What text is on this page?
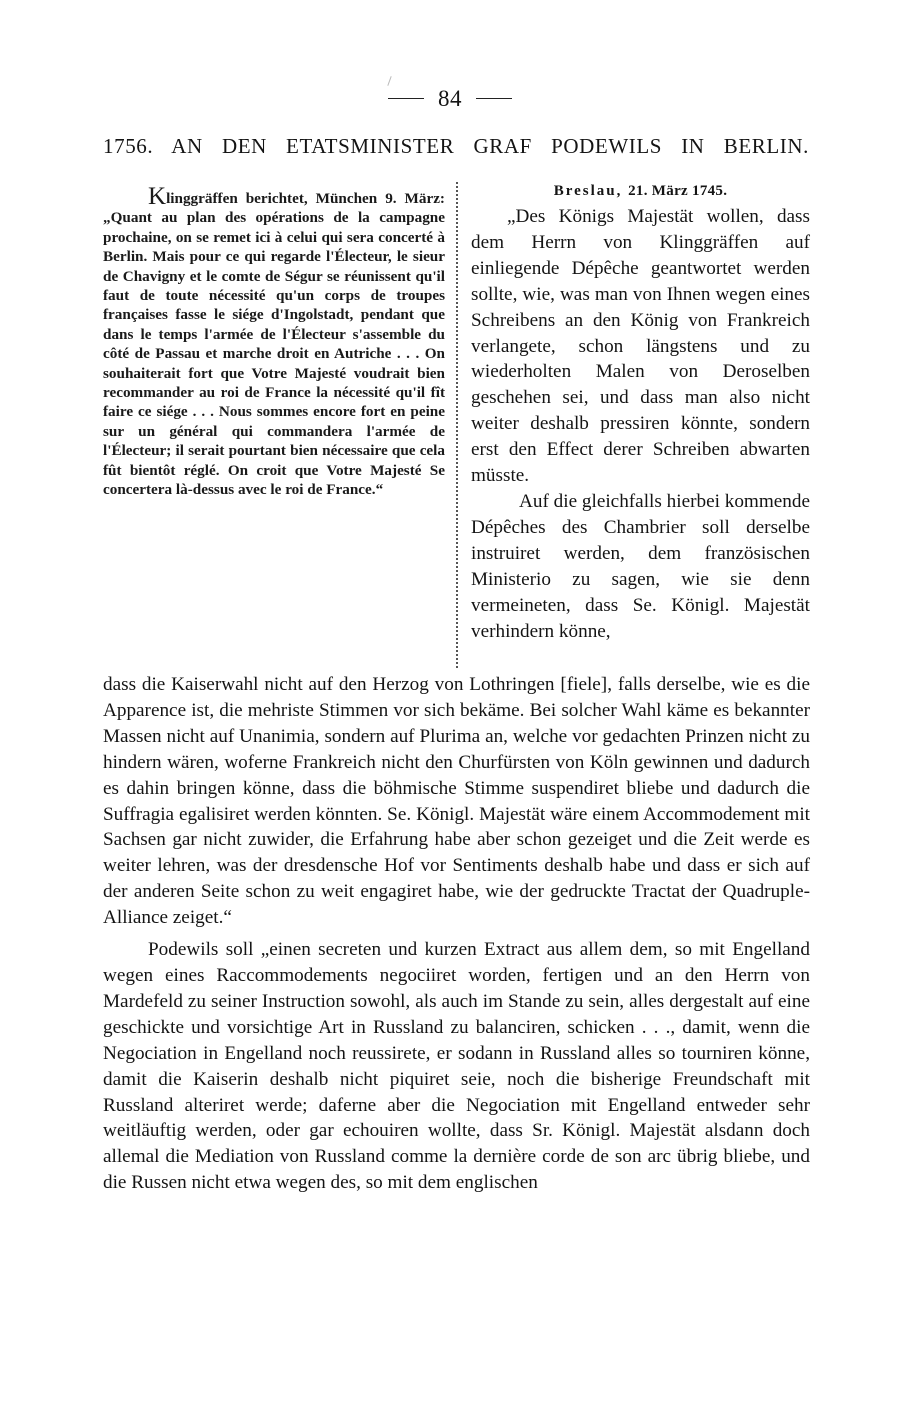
84
1756. AN DEN ETATSMINISTER GRAF PODEWILS IN BERLIN.
Klinggräffen berichtet, München 9. März: „Quant au plan des opérations de la campagne prochaine, on se remet ici à celui qui sera concerté à Berlin. Mais pour ce qui regarde l'Électeur, le sieur de Chavigny et le comte de Ségur se réunissent qu'il faut de toute nécessité qu'un corps de troupes françaises fasse le siége d'Ingolstadt, pendant que dans le temps l'armée de l'Électeur s'assemble du côté de Passau et marche droit en Autriche . . . On souhaiterait fort que Votre Majesté voudrait bien recommander au roi de France la nécessité qu'il fît faire ce siége . . . Nous sommes encore fort en peine sur un général qui commandera l'armée de l'Électeur; il serait pourtant bien nécessaire que cela fût bientôt réglé. On croit que Votre Majesté Se concertera là-dessus avec le roi de France.“
Breslau, 21. März 1745.

„Des Königs Majestät wollen, dass dem Herrn von Klinggräffen auf einliegende Dépêche geantwortet werden sollte, wie, was man von Ihnen wegen eines Schreibens an den König von Frankreich verlangete, schon längstens und zu wiederholten Malen von Deroselben geschehen sei, und dass man also nicht weiter deshalb pressiren könnte, sondern erst den Effect derer Schreiben abwarten müsste.

Auf die gleichfalls hierbei kommende Dépêches des Chambrier soll derselbe instruiret werden, dem französischen Ministerio zu sagen, wie sie denn vermeineten, dass Se. Königl. Majestät verhindern könne,

dass die Kaiserwahl nicht auf den Herzog von Lothringen [fiele], falls derselbe, wie es die Apparence ist, die mehriste Stimmen vor sich bekäme. Bei solcher Wahl käme es bekannter Massen nicht auf Unanimia, sondern auf Plurima an, welche vor gedachten Prinzen nicht zu hindern wären, woferne Frankreich nicht den Churfürsten von Köln gewinnen und dadurch es dahin bringen könne, dass die böhmische Stimme suspendiret bliebe und dadurch die Suffragia egalisiret werden könnten. Se. Königl. Majestät wäre einem Accommodement mit Sachsen gar nicht zuwider, die Erfahrung habe aber schon gezeiget und die Zeit werde es weiter lehren, was der dresdensche Hof vor Sentiments deshalb habe und dass er sich auf der anderen Seite schon zu weit engagiret habe, wie der gedruckte Tractat der Quadruple-Alliance zeiget.“

Podewils soll „einen secreten und kurzen Extract aus allem dem, so mit Engelland wegen eines Raccommodements negociiret worden, fertigen und an den Herrn von Mardefeld zu seiner Instruction sowohl, als auch im Stande zu sein, alles dergestalt auf eine geschickte und vorsichtige Art in Russland zu balanciren, schicken . . ., damit, wenn die Negociation in Engelland noch reussirete, er sodann in Russland alles so tourniren könne, damit die Kaiserin deshalb nicht piquiret seie, noch die bisherige Freundschaft mit Russland alteriret werde; daferne aber die Negociation mit Engelland entweder sehr weitläuftig werden, oder gar echouiren wollte, dass Sr. Königl. Majestät alsdann doch allemal die Mediation von Russland comme la dernière corde de son arc übrig bliebe, und die Russen nicht etwa wegen des, so mit dem englischen
